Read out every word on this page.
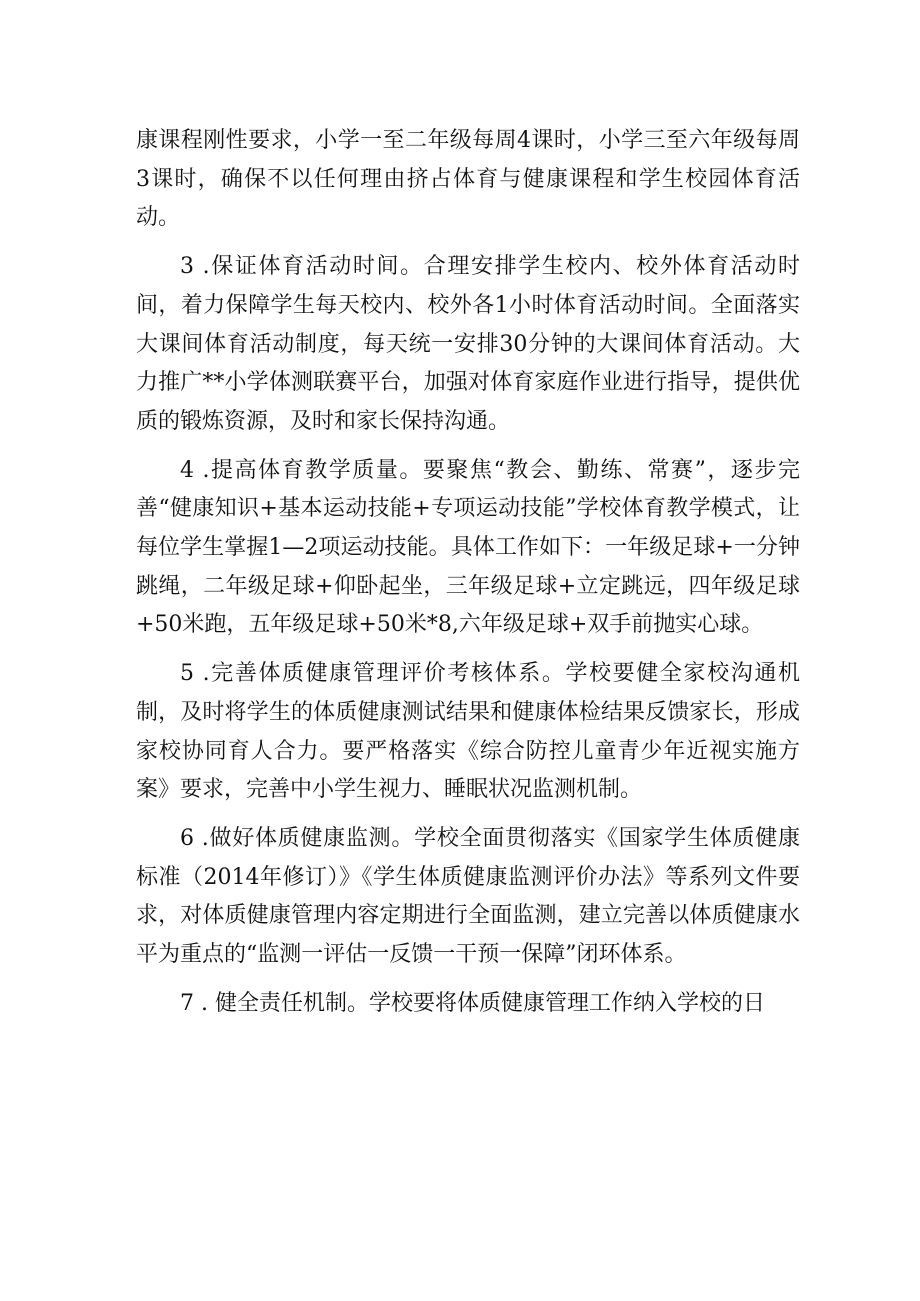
康课程刚性要求，小学一至二年级每周4课时，小学三至六年级每周3课时，确保不以任何理由挤占体育与健康课程和学生校园体育活动。

3 .保证体育活动时间。合理安排学生校内、校外体育活动时间，着力保障学生每天校内、校外各1小时体育活动时间。全面落实大课间体育活动制度，每天统一安排30分钟的大课间体育活动。大力推广**小学体测联赛平台，加强对体育家庭作业进行指导，提供优质的锻炼资源，及时和家长保持沟通。

4 .提高体育教学质量。要聚焦“教会、勤练、常赛”，逐步完善“健康知识+基本运动技能+专项运动技能”学校体育教学模式，让每位学生掌握1—2项运动技能。具体工作如下：一年级足球+一分钟跳绳，二年级足球+仰卧起坐，三年级足球+立定跳远，四年级足球+50米跑，五年级足球+50米*8,六年级足球+双手前抛实心球。

5 .完善体质健康管理评价考核体系。学校要健全家校沟通机制，及时将学生的体质健康测试结果和健康体检结果反馈家长，形成家校协同育人合力。要严格落实《综合防控儿童青少年近视实施方案》要求，完善中小学生视力、睡眠状况监测机制。

6 .做好体质健康监测。学校全面贯彻落实《国家学生体质健康标准（2014年修订）》《学生体质健康监测评价办法》等系列文件要求，对体质健康管理内容定期进行全面监测，建立完善以体质健康水平为重点的“监测一评估一反馈一干预一保障”闭环体系。

7 . 健全责任机制。学校要将体质健康管理工作纳入学校的日
